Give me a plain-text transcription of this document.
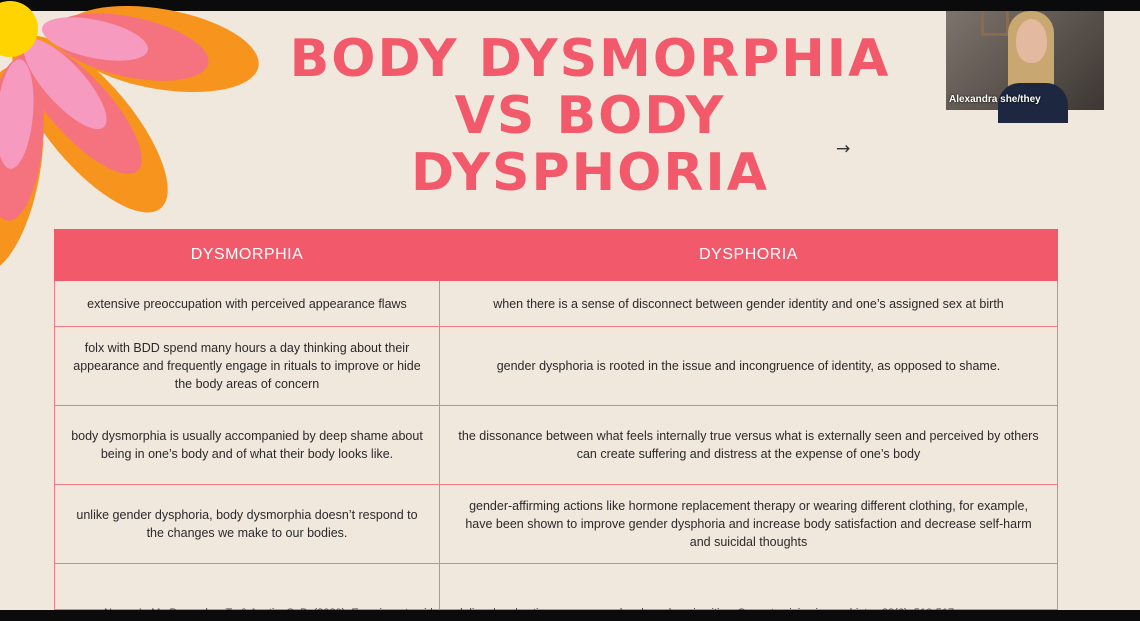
BODY DYSMORPHIA
VS BODY
DYSPHORIA	→
DYSMORPHIA	DYSPHORIA
extensive preoccupation with perceived appearance flaws	when there is a sense of disconnect between gender identity and one’s assigned sex at birth
folx with BDD spend many hours a day thinking about their appearance and frequently engage in rituals to improve or hide the body areas of concern	gender dysphoria is rooted in the issue and incongruence of identity, as opposed to shame.
body dysmorphia is usually accompanied by deep shame about being in one’s body and of what their body looks like.	the dissonance between what feels internally true versus what is externally seen and perceived by others can create suffering and distress at the expense of one’s body
unlike gender dysphoria, body dysmorphia doesn’t respond to the changes we make to our bodies.	gender-affirming actions like hormone replacement therapy or wearing different clothing, for example, have been shown to improve gender dysphoria and increase body satisfaction and decrease self-harm and suicidal thoughts

Alexandra she/they
